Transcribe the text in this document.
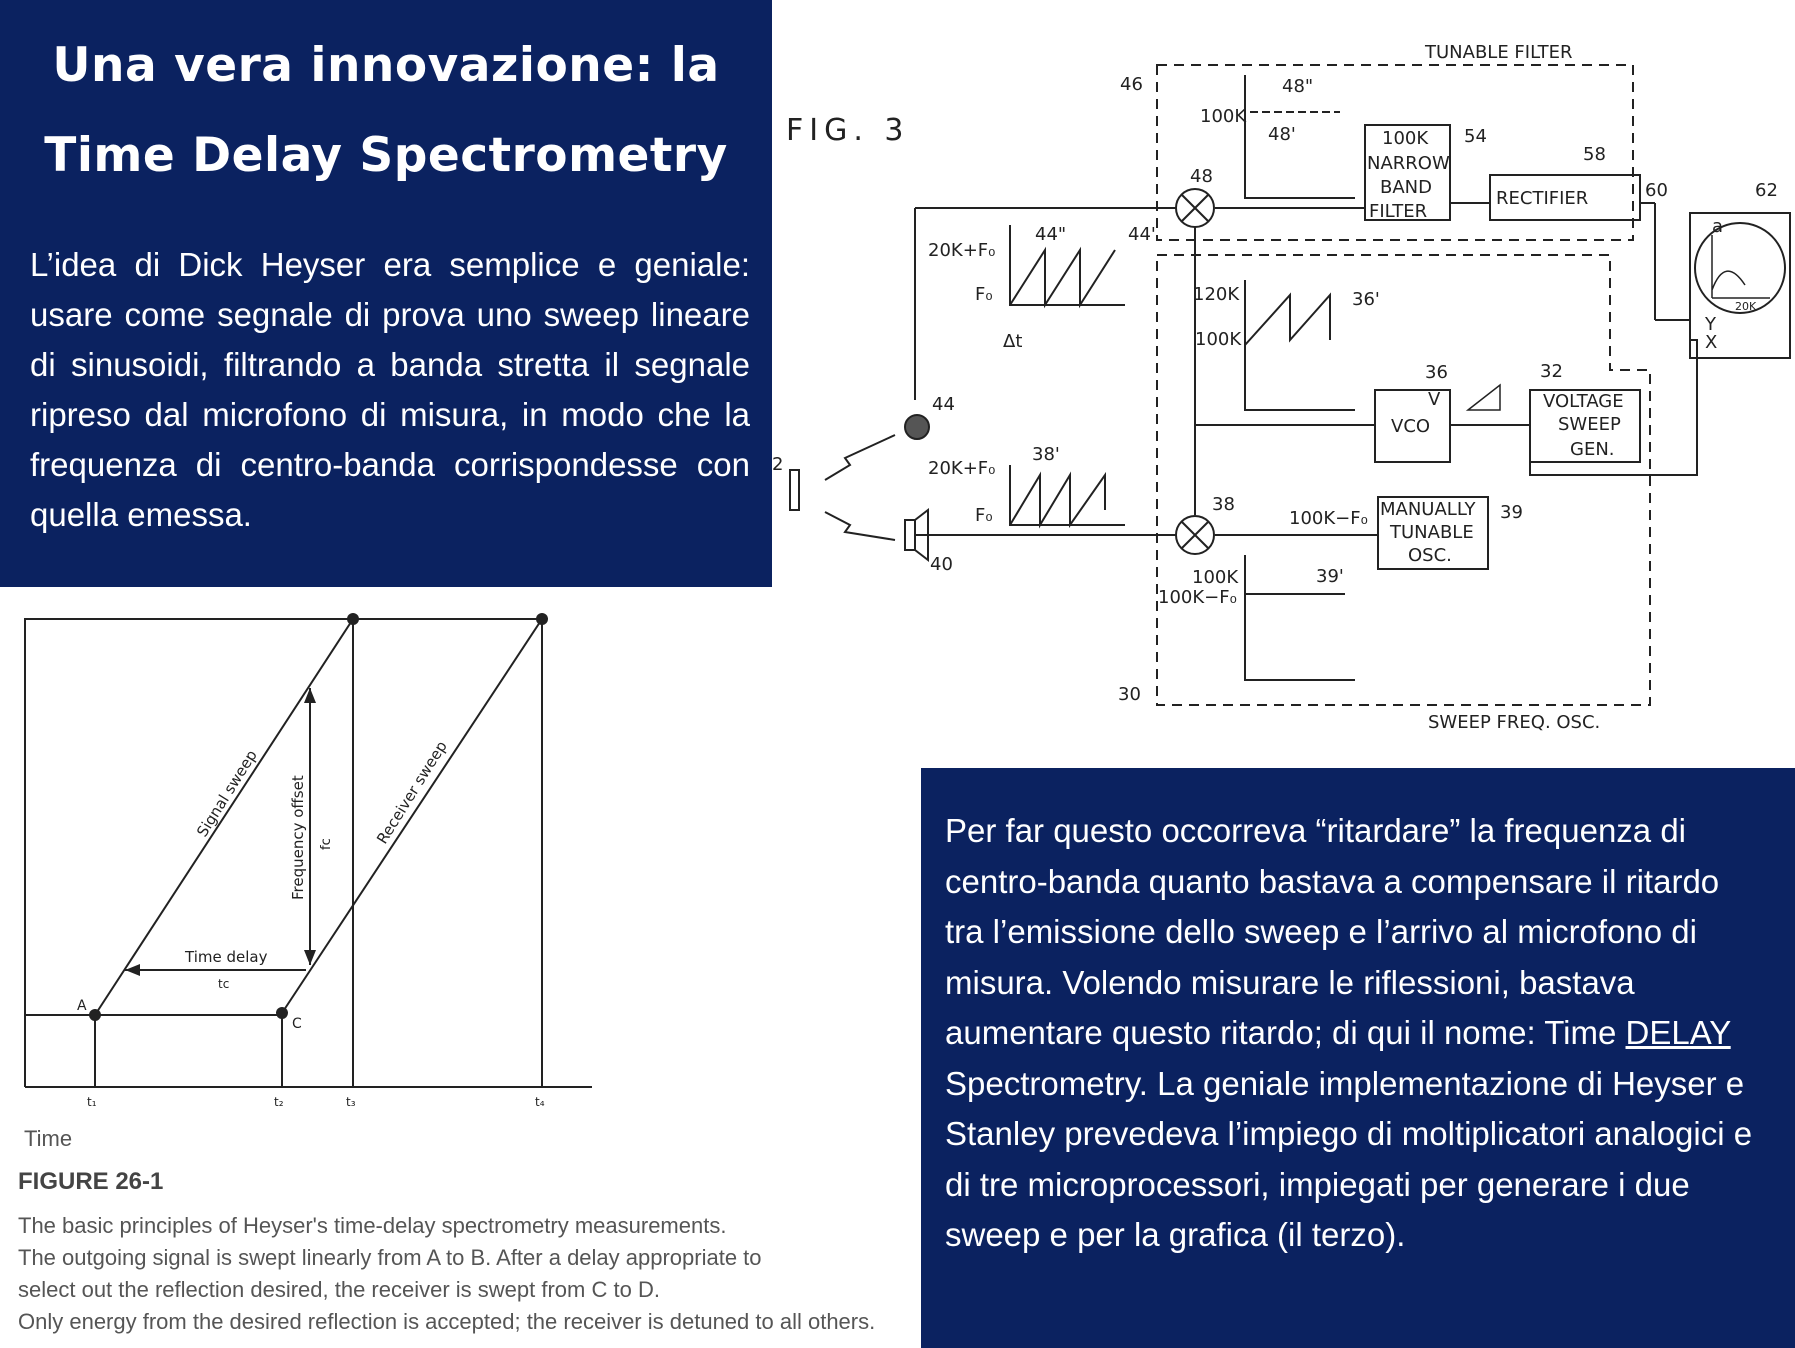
Una vera innovazione: la
Time Delay Spectrometry
L’idea di Dick Heyser era semplice e geniale: usare come segnale di prova uno sweep lineare di sinusoidi, filtrando a banda stretta il segnale ripreso dal microfono di misura, in modo che la frequenza di centro-banda corrispondesse con quella emessa.
FIG. 3
TUNABLE FILTER
SWEEP FREQ. OSC.
100K
NARROW
BAND
FILTER
RECTIFIER
VCO
VOLTAGE
SWEEP
GEN.
MANUALLY
TUNABLE
OSC.
46
48
48"
48'	54
58
60	62
44
44'
44"
36
36'
32
38
38'
39
39'
40
30
2
100K
120K
100K
20K+F₀
F₀
Δt
20K+F₀
F₀	100K−F₀
100K
100K−F₀
V
a
20K
Y
X
Signal sweep	Receiver sweep
Frequency offset fc
Time delay
tc
A
C
t₁	t₂	t₃	t₄
Time
FIGURE 26-1
The basic principles of Heyser's time-delay spectrometry measurements.
The outgoing signal is swept linearly from A to B. After a delay appropriate to
select out the reflection desired, the receiver is swept from C to D.
Only energy from the desired reflection is accepted; the receiver is detuned to all others.
Per far questo occorreva “ritardare” la frequenza di centro-banda quanto bastava a compensare il ritardo tra l’emissione dello sweep e l’arrivo al microfono di misura. Volendo misurare le riflessioni, bastava aumentare questo ritardo; di qui il nome: Time DELAY Spectrometry. La geniale implementazione di Heyser e Stanley prevedeva l’impiego di moltiplicatori analogici e di tre microprocessori, impiegati per generare i due sweep e per la grafica (il terzo).
